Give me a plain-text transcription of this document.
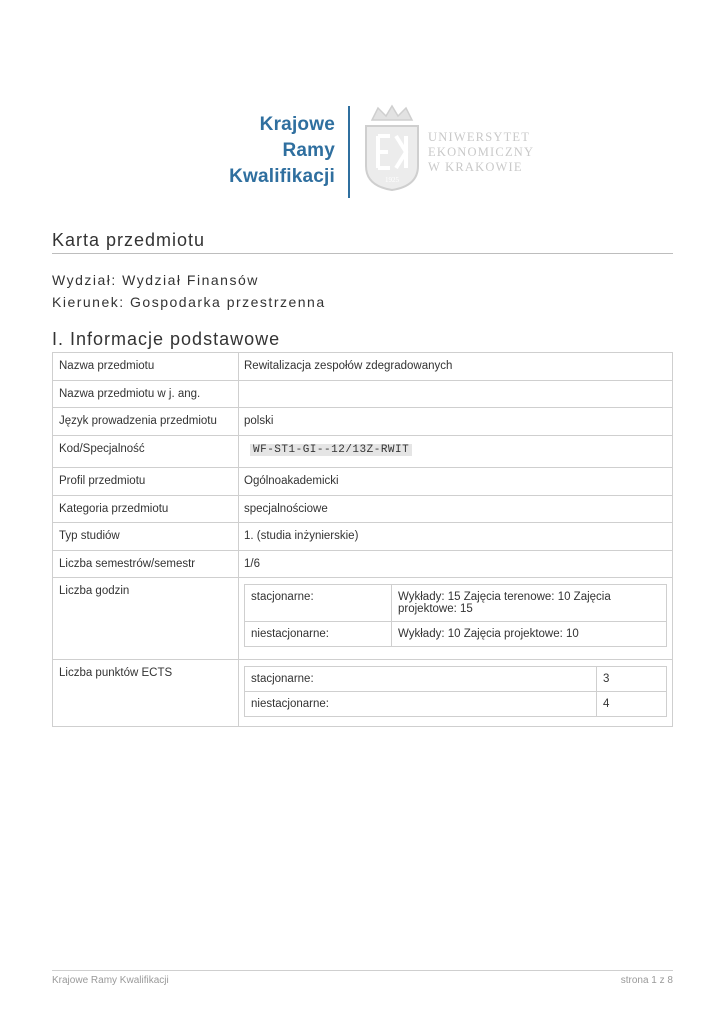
Krajowe
Ramy
Kwalifikacji	1925
UNIWERSYTET
EKONOMICZNY
W KRAKOWIE
Karta przedmiotu
Wydział: Wydział Finansów
Kierunek: Gospodarka przestrzenna
I. Informacje podstawowe
Nazwa przedmiotu	Rewitalizacja zespołów zdegradowanych
Nazwa przedmiotu w j. ang.
Język prowadzenia przedmiotu	polski
Kod/Specjalność	WF-ST1-GI--12/13Z-RWIT
Profil przedmiotu	Ogólnoakademicki
Kategoria przedmiotu	specjalnościowe
Typ studiów	1. (studia inżynierskie)
Liczba semestrów/semestr	1/6
Liczba godzin	stacjonarne:	Wykłady: 15 Zajęcia terenowe: 10 Zajęcia projektowe: 15
niestacjonarne:	Wykłady: 10 Zajęcia projektowe: 10
Liczba punktów ECTS	stacjonarne:	3
niestacjonarne:	4
Krajowe Ramy Kwalifikacji	strona 1 z 8
